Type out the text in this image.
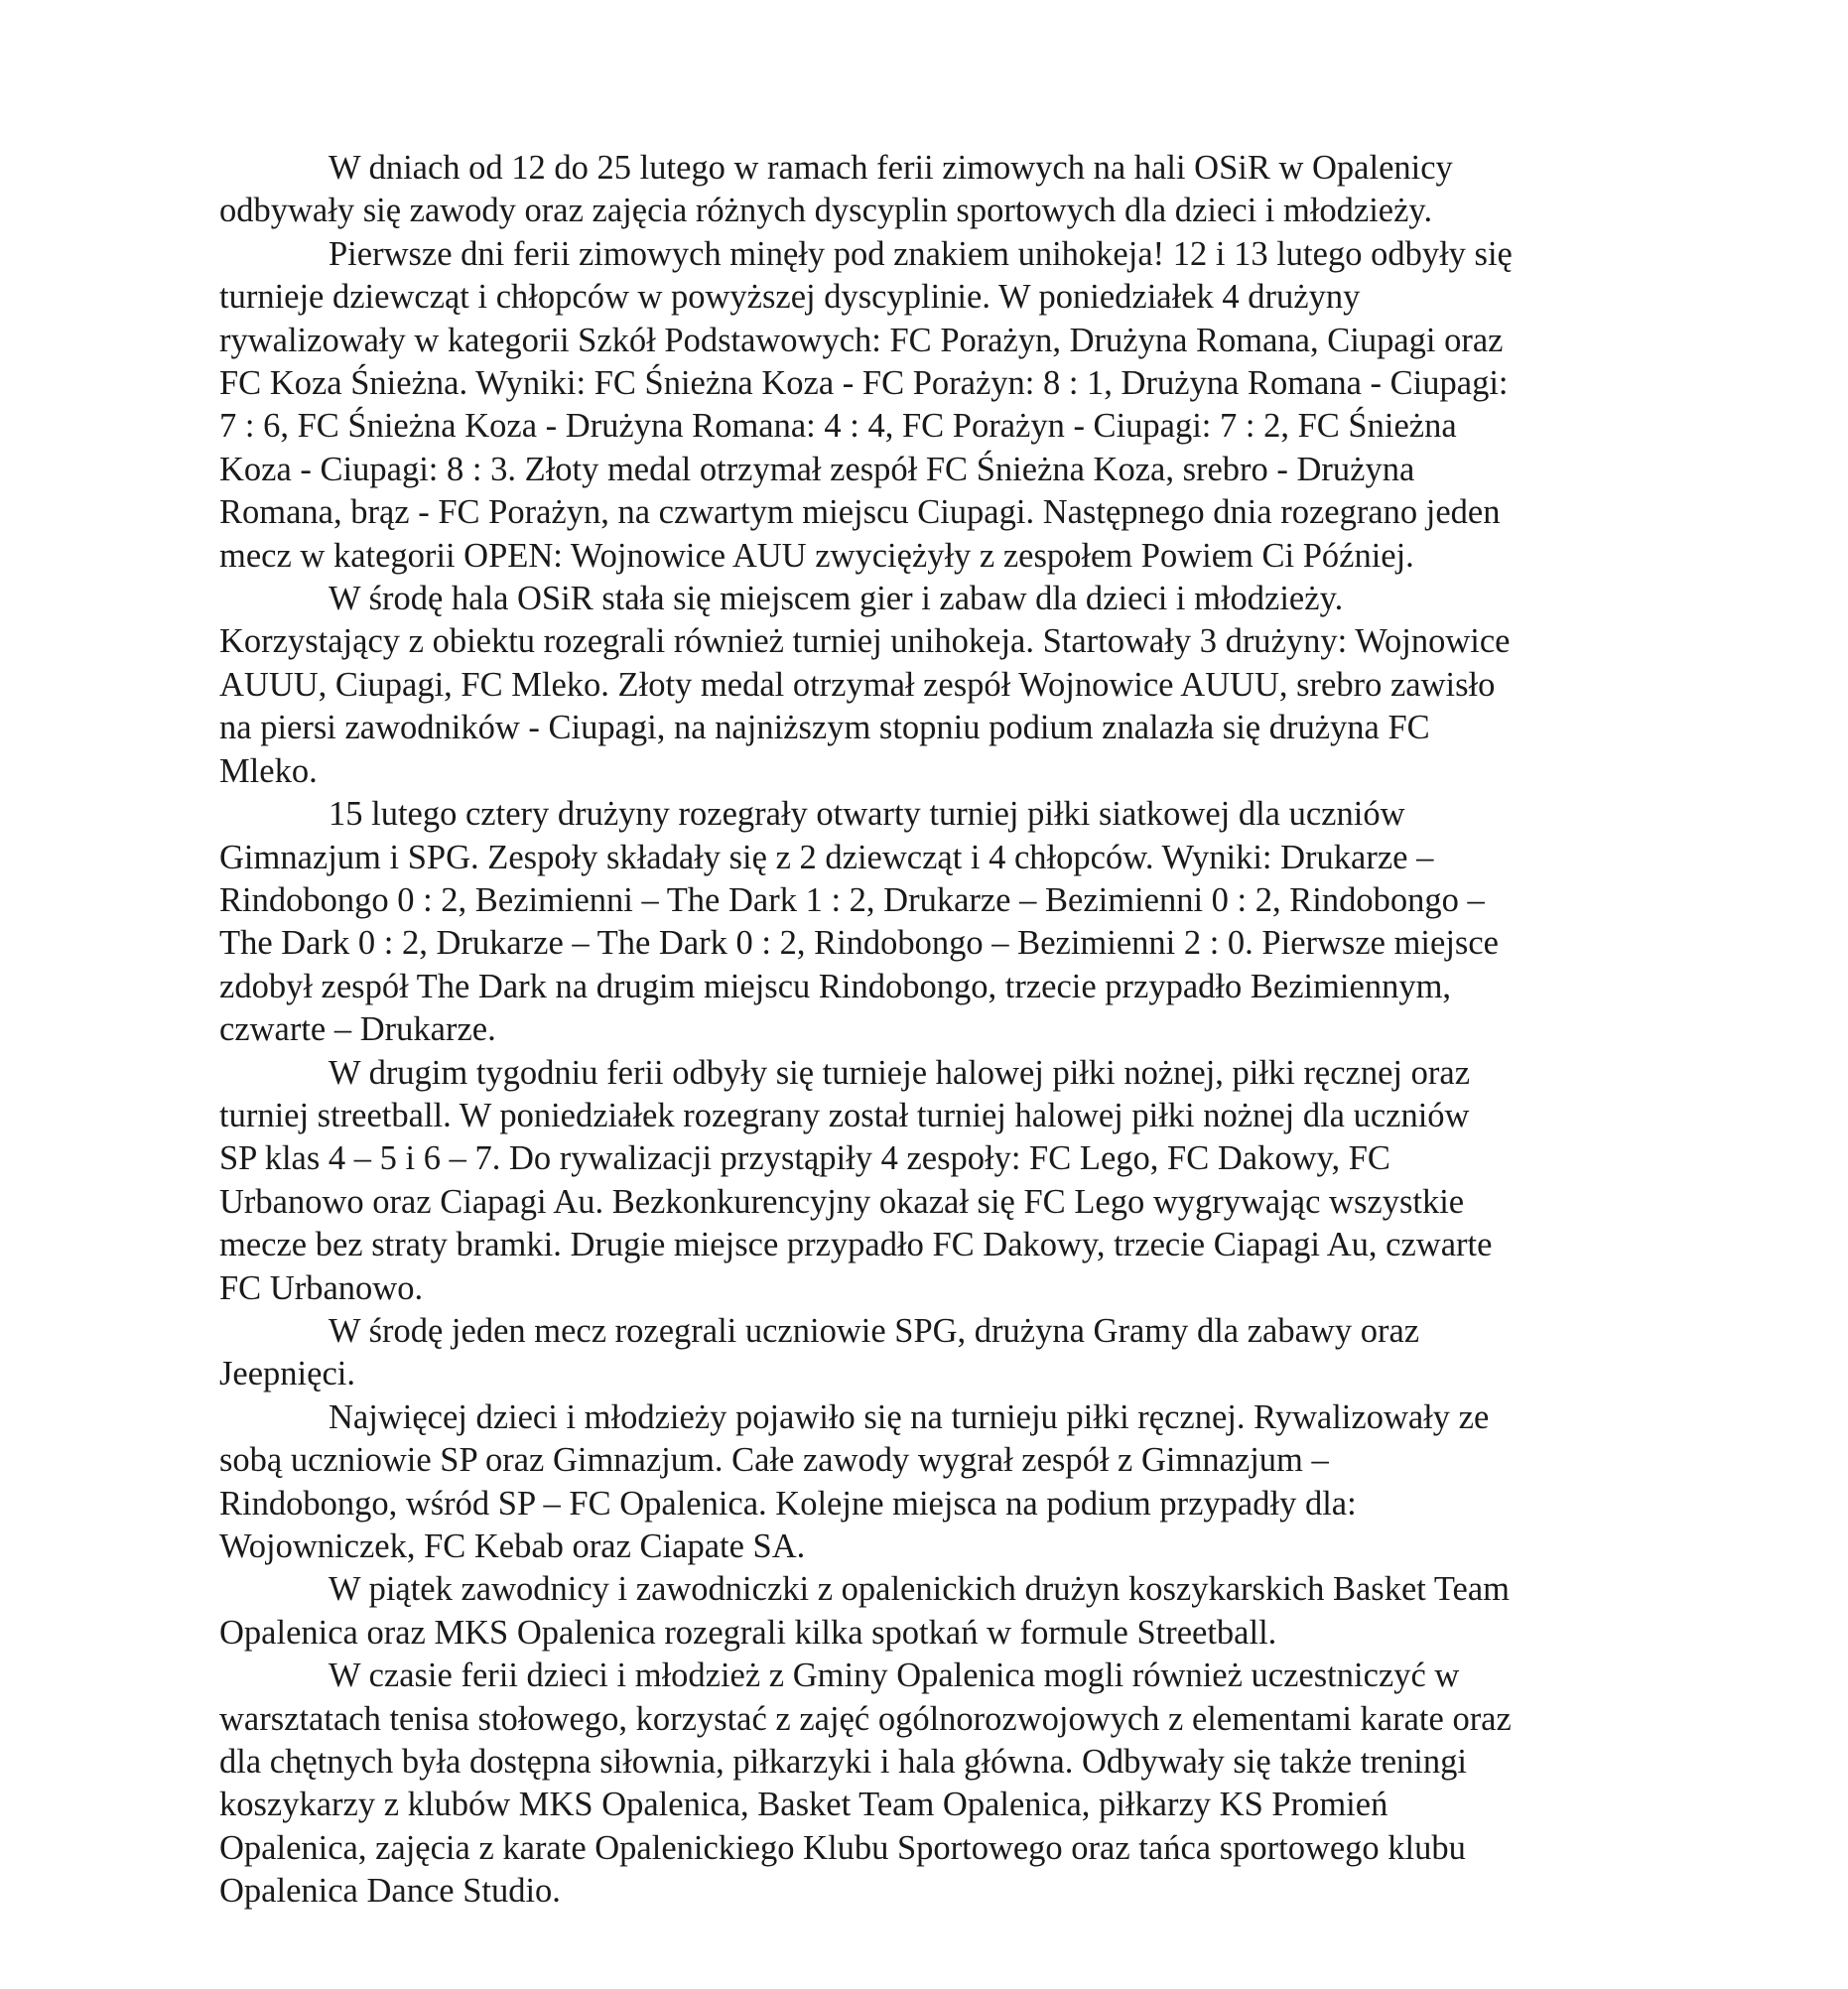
W dniach od 12 do 25 lutego w ramach ferii zimowych na hali OSiR w Opalenicy
odbywały się zawody oraz zajęcia różnych dyscyplin sportowych dla dzieci i młodzieży.

Pierwsze dni ferii zimowych minęły pod znakiem unihokeja! 12 i 13 lutego odbyły się
turnieje dziewcząt i chłopców w powyższej dyscyplinie. W poniedziałek 4 drużyny
rywalizowały w kategorii Szkół Podstawowych: FC Porażyn, Drużyna Romana, Ciupagi oraz
FC Koza Śnieżna. Wyniki: FC Śnieżna Koza - FC Porażyn: 8 : 1, Drużyna Romana - Ciupagi:
7 : 6, FC Śnieżna Koza - Drużyna Romana: 4 : 4, FC Porażyn - Ciupagi: 7 : 2, FC Śnieżna
Koza - Ciupagi: 8 : 3. Złoty medal otrzymał zespół FC Śnieżna Koza, srebro - Drużyna
Romana, brąz - FC Porażyn, na czwartym miejscu Ciupagi. Następnego dnia rozegrano jeden
mecz w kategorii OPEN: Wojnowice AUU zwyciężyły z zespołem Powiem Ci Później.

W środę hala OSiR stała się miejscem gier i zabaw dla dzieci i młodzieży.
Korzystający z obiektu rozegrali również turniej unihokeja. Startowały 3 drużyny: Wojnowice
AUUU, Ciupagi, FC Mleko. Złoty medal otrzymał zespół Wojnowice AUUU, srebro zawisło
na piersi zawodników - Ciupagi, na najniższym stopniu podium znalazła się drużyna FC
Mleko.

15 lutego cztery drużyny rozegrały otwarty turniej piłki siatkowej dla uczniów
Gimnazjum i SPG. Zespoły składały się z 2 dziewcząt i 4 chłopców. Wyniki: Drukarze –
Rindobongo 0 : 2, Bezimienni – The Dark 1 : 2, Drukarze – Bezimienni 0 : 2, Rindobongo –
The Dark 0 : 2, Drukarze – The Dark 0 : 2, Rindobongo – Bezimienni 2 : 0. Pierwsze miejsce
zdobył zespół The Dark na drugim miejscu Rindobongo, trzecie przypadło Bezimiennym,
czwarte – Drukarze.

W drugim tygodniu ferii odbyły się turnieje halowej piłki nożnej, piłki ręcznej oraz
turniej streetball. W poniedziałek rozegrany został turniej halowej piłki nożnej dla uczniów
SP klas 4 – 5 i 6 – 7. Do rywalizacji przystąpiły 4 zespoły: FC Lego, FC Dakowy, FC
Urbanowo oraz Ciapagi Au. Bezkonkurencyjny okazał się FC Lego wygrywając wszystkie
mecze bez straty bramki. Drugie miejsce przypadło FC Dakowy, trzecie Ciapagi Au, czwarte
FC Urbanowo.

W środę jeden mecz rozegrali uczniowie SPG, drużyna Gramy dla zabawy oraz
Jeepnięci.

Najwięcej dzieci i młodzieży pojawiło się na turnieju piłki ręcznej. Rywalizowały ze
sobą uczniowie SP oraz Gimnazjum. Całe zawody wygrał zespół z Gimnazjum –
Rindobongo, wśród SP – FC Opalenica. Kolejne miejsca na podium przypadły dla:
Wojowniczek, FC Kebab oraz Ciapate SA.

W piątek zawodnicy i zawodniczki z opalenickich drużyn koszykarskich Basket Team
Opalenica oraz MKS Opalenica rozegrali kilka spotkań w formule Streetball.

W czasie ferii dzieci i młodzież z Gminy Opalenica mogli również uczestniczyć w
warsztatach tenisa stołowego, korzystać z zajęć ogólnorozwojowych z elementami karate oraz
dla chętnych była dostępna siłownia, piłkarzyki i hala główna. Odbywały się także treningi
koszykarzy z klubów MKS Opalenica, Basket Team Opalenica, piłkarzy KS Promień
Opalenica, zajęcia z karate Opalenickiego Klubu Sportowego oraz tańca sportowego klubu
Opalenica Dance Studio.
